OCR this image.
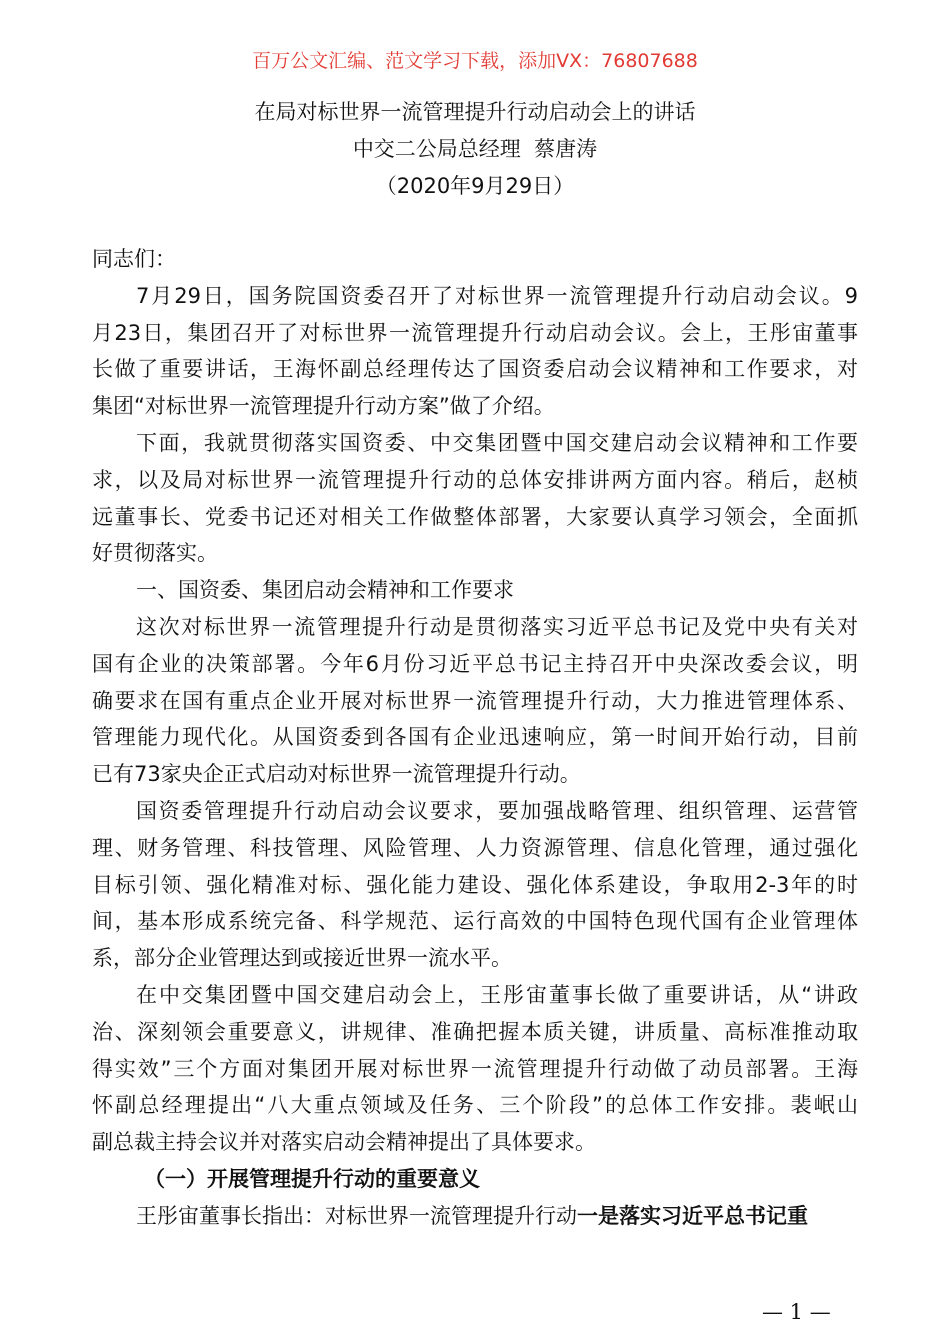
百万公文汇编、范文学习下载，添加VX：76807688
在局对标世界一流管理提升行动启动会上的讲话
中交二公局总经理  蔡唐涛
（2020年9月29日）
同志们：
7月29日，国务院国资委召开了对标世界一流管理提升行动启动会议。9
月23日，集团召开了对标世界一流管理提升行动启动会议。会上，王彤宙董事
长做了重要讲话，王海怀副总经理传达了国资委启动会议精神和工作要求，对
集团“对标世界一流管理提升行动方案”做了介绍。
下面，我就贯彻落实国资委、中交集团暨中国交建启动会议精神和工作要
求，以及局对标世界一流管理提升行动的总体安排讲两方面内容。稍后，赵桢
远董事长、党委书记还对相关工作做整体部署，大家要认真学习领会，全面抓
好贯彻落实。
一、国资委、集团启动会精神和工作要求
这次对标世界一流管理提升行动是贯彻落实习近平总书记及党中央有关对
国有企业的决策部署。今年6月份习近平总书记主持召开中央深改委会议，明
确要求在国有重点企业开展对标世界一流管理提升行动，大力推进管理体系、
管理能力现代化。从国资委到各国有企业迅速响应，第一时间开始行动，目前
已有73家央企正式启动对标世界一流管理提升行动。
国资委管理提升行动启动会议要求，要加强战略管理、组织管理、运营管
理、财务管理、科技管理、风险管理、人力资源管理、信息化管理，通过强化
目标引领、强化精准对标、强化能力建设、强化体系建设，争取用2-3年的时
间，基本形成系统完备、科学规范、运行高效的中国特色现代国有企业管理体
系，部分企业管理达到或接近世界一流水平。
在中交集团暨中国交建启动会上，王彤宙董事长做了重要讲话，从“讲政
治、深刻领会重要意义，讲规律、准确把握本质关键，讲质量、高标准推动取
得实效”三个方面对集团开展对标世界一流管理提升行动做了动员部署。王海
怀副总经理提出“八大重点领域及任务、三个阶段”的总体工作安排。裴岷山
副总裁主持会议并对落实启动会精神提出了具体要求。
（一）开展管理提升行动的重要意义
王彤宙董事长指出：对标世界一流管理提升行动一是落实习近平总书记重
— 1 —
